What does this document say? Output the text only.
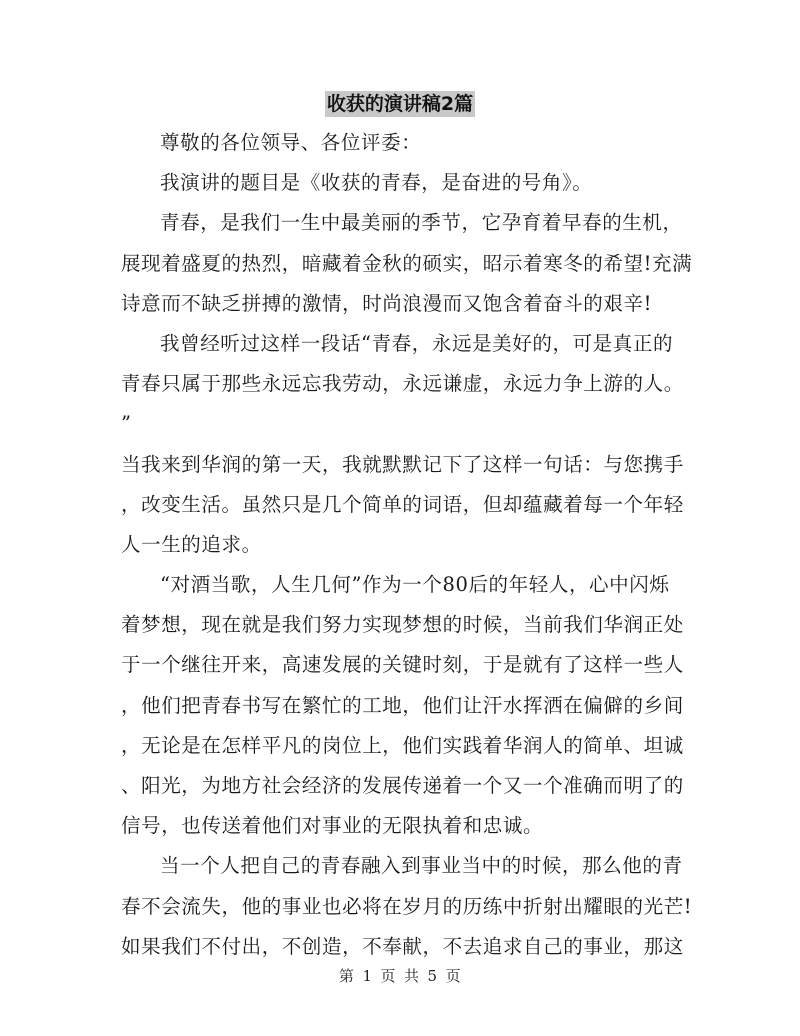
收获的演讲稿2篇
尊敬的各位领导、各位评委：
我演讲的题目是《收获的青春，是奋进的号角》。
青春，是我们一生中最美丽的季节，它孕育着早春的生机，
展现着盛夏的热烈，暗藏着金秋的硕实，昭示着寒冬的希望!充满
诗意而不缺乏拼搏的激情，时尚浪漫而又饱含着奋斗的艰辛!
我曾经听过这样一段话“青春，永远是美好的，可是真正的
青春只属于那些永远忘我劳动，永远谦虚，永远力争上游的人。
”
当我来到华润的第一天，我就默默记下了这样一句话：与您携手
，改变生活。虽然只是几个简单的词语，但却蕴藏着每一个年轻
人一生的追求。
“对酒当歌，人生几何”作为一个80后的年轻人，心中闪烁
着梦想，现在就是我们努力实现梦想的时候，当前我们华润正处
于一个继往开来，高速发展的关键时刻，于是就有了这样一些人
，他们把青春书写在繁忙的工地，他们让汗水挥洒在偏僻的乡间
，无论是在怎样平凡的岗位上，他们实践着华润人的简单、坦诚
、阳光，为地方社会经济的发展传递着一个又一个准确而明了的
信号，也传送着他们对事业的无限执着和忠诚。
当一个人把自己的青春融入到事业当中的时候，那么他的青
春不会流失，他的事业也必将在岁月的历练中折射出耀眼的光芒!
如果我们不付出，不创造，不奉献，不去追求自己的事业，那这
第 1 页 共 5 页
